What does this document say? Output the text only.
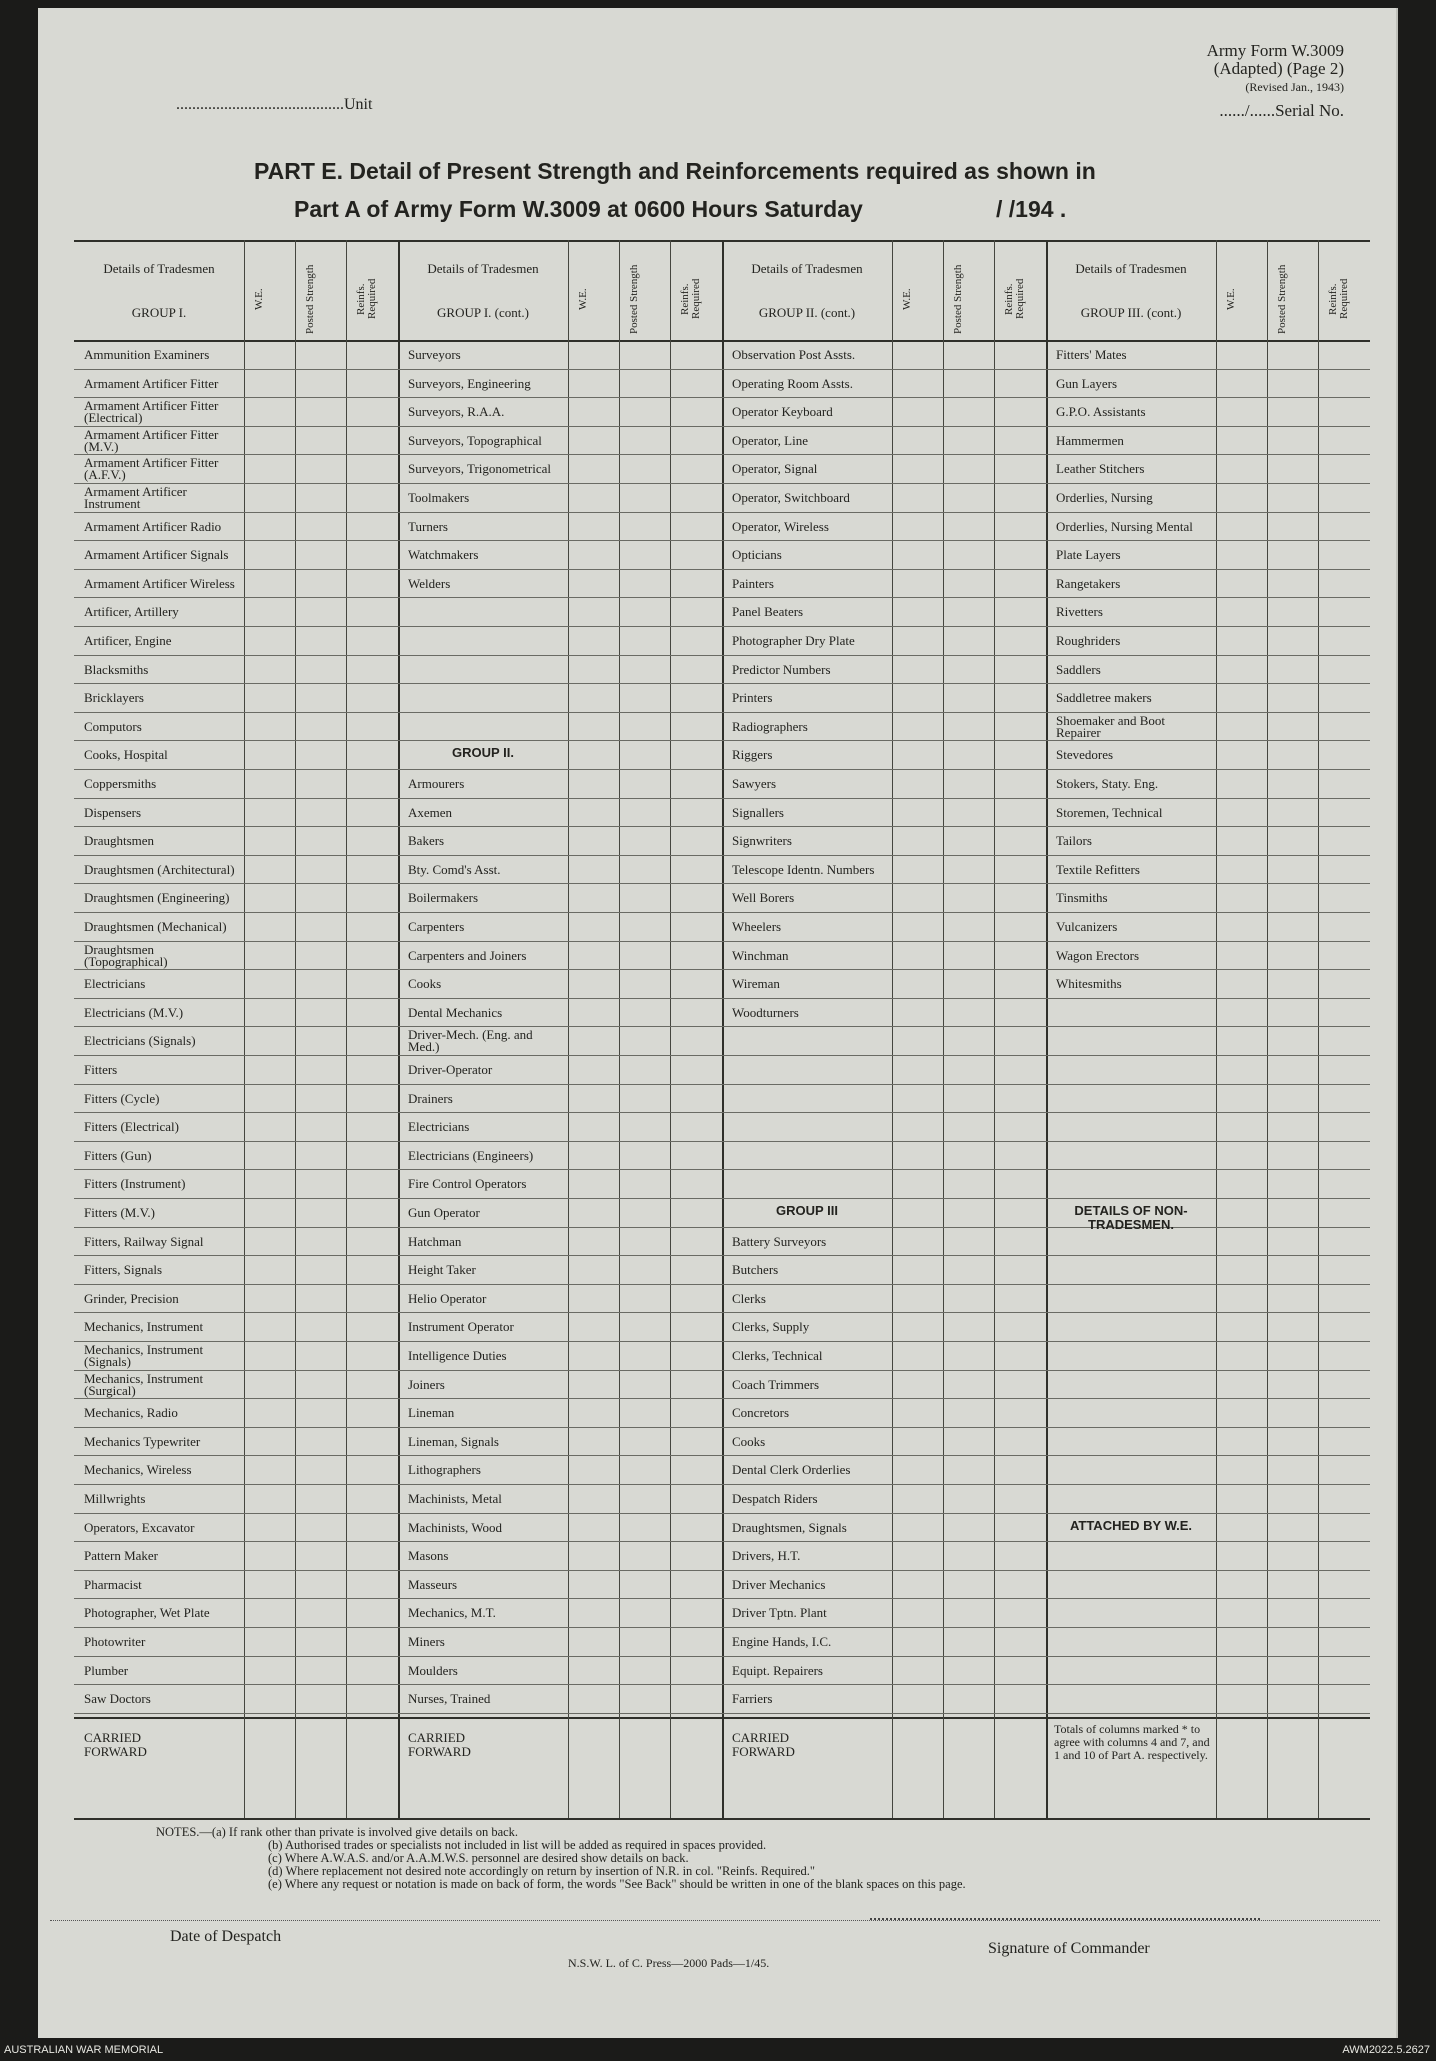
..........................................Unit
Army Form W.3009
(Adapted) (Page 2)
(Revised Jan., 1943)
....../......Serial No.
PART E. Detail of Present Strength and Reinforcements required as shown in
Part A of Army Form W.3009 at 0600 Hours Saturday	/ /194 .
Details of Tradesmen
GROUP I.
W.E.	Posted Strength	Reinfs. Required
Ammunition Examiners
Armament Artificer Fitter
Armament Artificer Fitter (Electrical)
Armament Artificer Fitter (M.V.)
Armament Artificer Fitter (A.F.V.)
Armament Artificer Instrument
Armament Artificer Radio
Armament Artificer Signals
Armament Artificer Wireless
Artificer, Artillery
Artificer, Engine
Blacksmiths
Bricklayers
Computors
Cooks, Hospital
Coppersmiths
Dispensers
Draughtsmen
Draughtsmen (Architectural)
Draughtsmen (Engineering)
Draughtsmen (Mechanical)
Draughtsmen (Topographical)
Electricians
Electricians (M.V.)
Electricians (Signals)
Fitters
Fitters (Cycle)
Fitters (Electrical)
Fitters (Gun)
Fitters (Instrument)
Fitters (M.V.)
Fitters, Railway Signal
Fitters, Signals
Grinder, Precision
Mechanics, Instrument
Mechanics, Instrument (Signals)
Mechanics, Instrument (Surgical)
Mechanics, Radio
Mechanics Typewriter
Mechanics, Wireless
Millwrights
Operators, Excavator
Pattern Maker
Pharmacist
Photographer, Wet Plate
Photowriter
Plumber
Saw Doctors
CARRIED FORWARD
Details of Tradesmen
GROUP I. (cont.)
W.E.	Posted Strength	Reinfs. Required
Surveyors
Surveyors, Engineering
Surveyors, R.A.A.
Surveyors, Topographical
Surveyors, Trigonometrical
Toolmakers
Turners
Watchmakers
Welders
GROUP II.
Armourers
Axemen
Bakers
Bty. Comd's Asst.
Boilermakers
Carpenters
Carpenters and Joiners
Cooks
Dental Mechanics
Driver-Mech. (Eng. and Med.)
Driver-Operator
Drainers
Electricians
Electricians (Engineers)
Fire Control Operators
Gun Operator
Hatchman
Height Taker
Helio Operator
Instrument Operator
Intelligence Duties
Joiners
Lineman
Lineman, Signals
Lithographers
Machinists, Metal
Machinists, Wood
Masons
Masseurs
Mechanics, M.T.
Miners
Moulders
Nurses, Trained
CARRIED FORWARD
Details of Tradesmen
GROUP II. (cont.)
W.E.	Posted Strength	Reinfs. Required
Observation Post Assts.
Operating Room Assts.
Operator Keyboard
Operator, Line
Operator, Signal
Operator, Switchboard
Operator, Wireless
Opticians
Painters
Panel Beaters
Photographer Dry Plate
Predictor Numbers
Printers
Radiographers
Riggers
Sawyers
Signallers
Signwriters
Telescope Identn. Numbers
Well Borers
Wheelers
Winchman
Wireman
Woodturners
GROUP III
Battery Surveyors
Butchers
Clerks
Clerks, Supply
Clerks, Technical
Coach Trimmers
Concretors
Cooks
Dental Clerk Orderlies
Despatch Riders
Draughtsmen, Signals
Drivers, H.T.
Driver Mechanics
Driver Tptn. Plant
Engine Hands, I.C.
Equipt. Repairers
Farriers
CARRIED FORWARD
Details of Tradesmen
GROUP III. (cont.)
W.E.	Posted Strength	Reinfs. Required
Fitters' Mates
Gun Layers
G.P.O. Assistants
Hammermen
Leather Stitchers
Orderlies, Nursing
Orderlies, Nursing Mental
Plate Layers
Rangetakers
Rivetters
Roughriders
Saddlers
Saddletree makers
Shoemaker and Boot Repairer
Stevedores
Stokers, Staty. Eng.
Storemen, Technical
Tailors
Textile Refitters
Tinsmiths
Vulcanizers
Wagon Erectors
Whitesmiths
DETAILS OF NON-TRADESMEN.
ATTACHED BY W.E.
Totals of columns marked * to agree with columns 4 and 7, and 1 and 10 of Part A. respectively.
NOTES.—(a) If rank other than private is involved give details on back.
(b) Authorised trades or specialists not included in list will be added as required in spaces provided.
(c) Where A.W.A.S. and/or A.A.M.W.S. personnel are desired show details on back.
(d) Where replacement not desired note accordingly on return by insertion of N.R. in col. "Reinfs. Required."
(e) Where any request or notation is made on back of form, the words "See Back" should be written in one of the blank spaces on this page.
Date of Despatch
Signature of Commander
N.S.W. L. of C. Press—2000 Pads—1/45.
AUSTRALIAN WAR MEMORIAL	AWM2022.5.2627
